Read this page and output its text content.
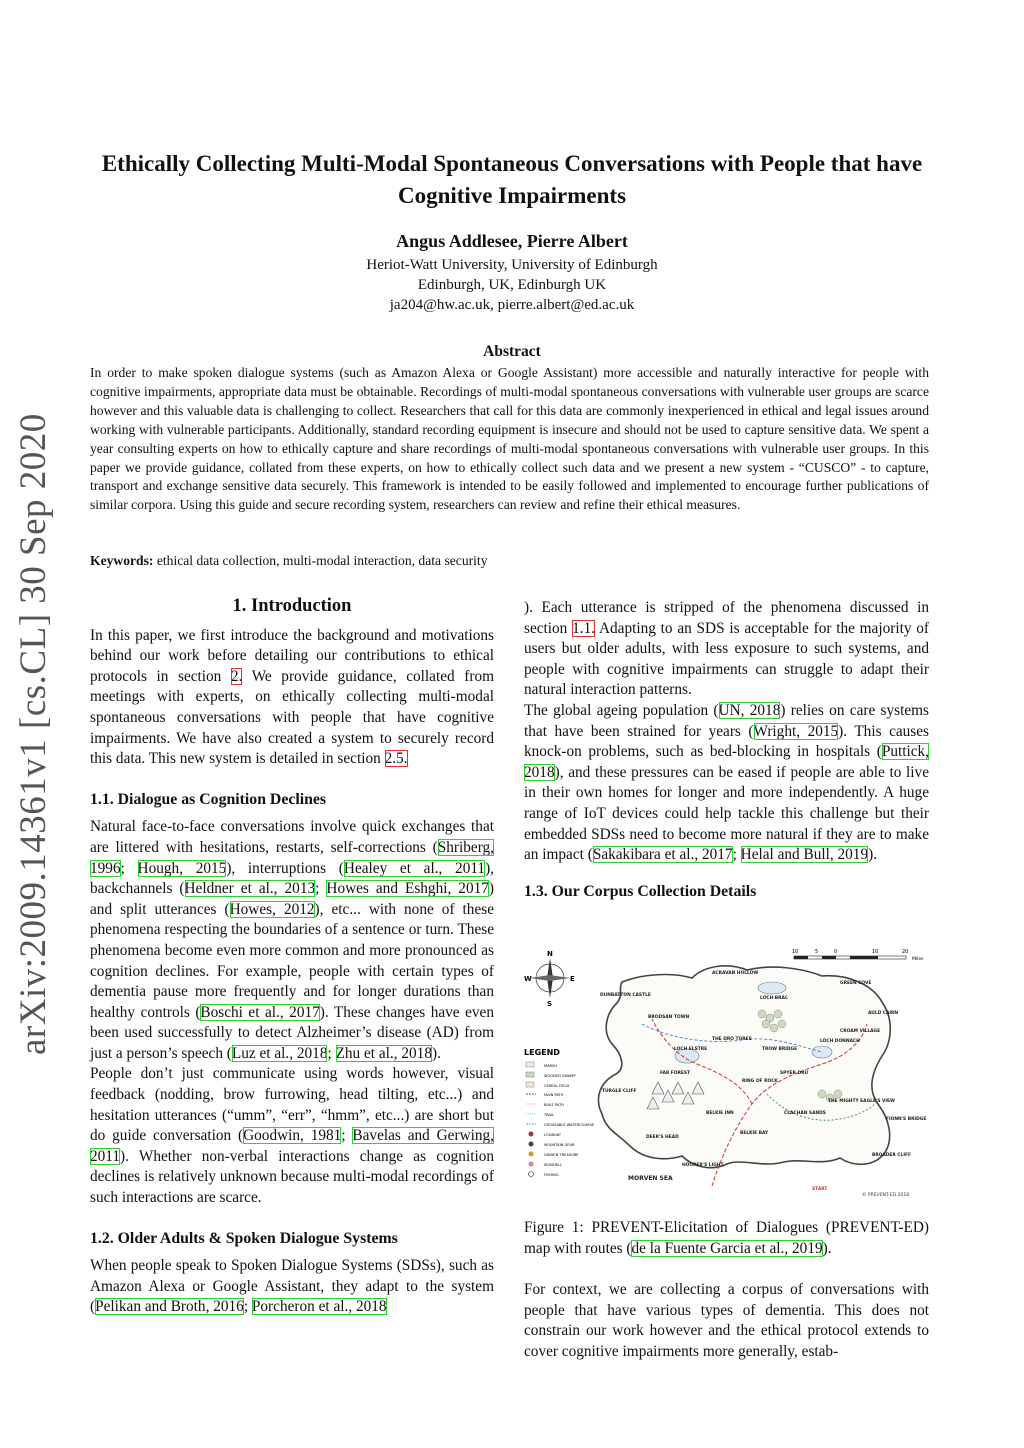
arXiv:2009.14361v1 [cs.CL] 30 Sep 2020
Ethically Collecting Multi-Modal Spontaneous Conversations with People that have Cognitive Impairments
Angus Addlesee, Pierre Albert
Heriot-Watt University, University of Edinburgh
Edinburgh, UK, Edinburgh UK
ja204@hw.ac.uk, pierre.albert@ed.ac.uk
Abstract
In order to make spoken dialogue systems (such as Amazon Alexa or Google Assistant) more accessible and naturally interactive for people with cognitive impairments, appropriate data must be obtainable. Recordings of multi-modal spontaneous conversations with vulnerable user groups are scarce however and this valuable data is challenging to collect. Researchers that call for this data are commonly inexperienced in ethical and legal issues around working with vulnerable participants. Additionally, standard recording equipment is insecure and should not be used to capture sensitive data. We spent a year consulting experts on how to ethically capture and share recordings of multi-modal spontaneous conversations with vulnerable user groups. In this paper we provide guidance, collated from these experts, on how to ethically collect such data and we present a new system - “CUSCO” - to capture, transport and exchange sensitive data securely. This framework is intended to be easily followed and implemented to encourage further publications of similar corpora. Using this guide and secure recording system, researchers can review and refine their ethical measures.
Keywords: ethical data collection, multi-modal interaction, data security
1. Introduction

In this paper, we first introduce the background and motivations behind our work before detailing our contributions to ethical protocols in section 2. We provide guidance, collated from meetings with experts, on ethically collecting multi-modal spontaneous conversations with people that have cognitive impairments. We have also created a system to securely record this data. This new system is detailed in section 2.5.

1.1. Dialogue as Cognition Declines

Natural face-to-face conversations involve quick exchanges that are littered with hesitations, restarts, self-corrections (Shriberg, 1996; Hough, 2015), interruptions (Healey et al., 2011), backchannels (Heldner et al., 2013; Howes and Eshghi, 2017) and split utterances (Howes, 2012), etc... with none of these phenomena respecting the boundaries of a sentence or turn. These phenomena become even more common and more pronounced as cognition declines. For example, people with certain types of dementia pause more frequently and for longer durations than healthy controls (Boschi et al., 2017). These changes have even been used successfully to detect Alzheimer’s disease (AD) from just a person’s speech (Luz et al., 2018; Zhu et al., 2018).

People don’t just communicate using words however, visual feedback (nodding, brow furrowing, head tilting, etc...) and hesitation utterances (“umm”, “err”, “hmm”, etc...) are short but do guide conversation (Goodwin, 1981; Bavelas and Gerwing, 2011). Whether non-verbal interactions change as cognition declines is relatively unknown because multi-modal recordings of such interactions are scarce.

1.2. Older Adults & Spoken Dialogue Systems

When people speak to Spoken Dialogue Systems (SDSs), such as Amazon Alexa or Google Assistant, they adapt to the system (Pelikan and Broth, 2016; Porcheron et al., 2018

). Each utterance is stripped of the phenomena discussed in section 1.1. Adapting to an SDS is acceptable for the majority of users but older adults, with less exposure to such systems, and people with cognitive impairments can struggle to adapt their natural interaction patterns.

The global ageing population (UN, 2018) relies on care systems that have been strained for years (Wright, 2015). This causes knock-on problems, such as bed-blocking in hospitals (Puttick, 2018), and these pressures can be eased if people are able to live in their own homes for longer and more independently. A huge range of IoT devices could help tackle this challenge but their embedded SDSs need to become more natural if they are to make an impact (Sakakibara et al., 2017; Helal and Bull, 2019).

1.3. Our Corpus Collection Details
10	5	0	10	20
Miles
N
W	E
S
ACRAVAN HOLLOW
DUNBATTON CASTLE
BRODSAN TOWN
LOCH BRAC
GREEN COVE
AULD CAIRN
CROAM VILLAGE
THE DRO TORES
TROW BRIDGE
LOCH ELSTRE
LOCH DONNACH
FAR FOREST
RING OF ROCK
SPYER DRU
TURGLE CLIFF
BELKIE INN	CLACHAN SANDS
THE MIGHTY EAGLE'S VIEW
FIONN'S BRIDGE
DEER'S HEAD
BELKIE BAY
BROADER CLIFF
HOOPER'S LIGHT
MORVEN SEA
START
© PREVENT-ED 2018
LEGEND
MARSH
WOODED SWAMP
CEREAL FIELD
MAIN PATH
BUILT PATH
TRAIL
CROSSABLE WATERCOURSE
LOGBOAT
MOUNTAIN GEAR
HIDDEN TREASURE
SEASHELL
FISHING
Figure 1: PREVENT-Elicitation of Dialogues (PREVENT-ED) map with routes (de la Fuente Garcia et al., 2019).

For context, we are collecting a corpus of conversations with people that have various types of dementia. This does not constrain our work however and the ethical protocol extends to cover cognitive impairments more generally, estab-
